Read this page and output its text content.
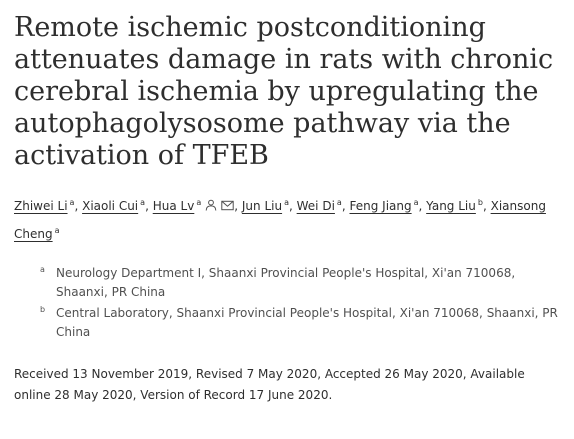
Remote ischemic postconditioning attenuates damage in rats with chronic cerebral ischemia by upregulating the autophagolysosome pathway via the activation of TFEB
Zhiwei Li $^a$, Xiaoli Cui $^a$, Hua Lv $^a$	, Jun Liu $^a$, Wei Di $^a$, Feng Jiang $^a$, Yang Liu $^b$, Xiansong Cheng $^a$
a Neurology Department I, Shaanxi Provincial People's Hospital, Xi'an 710068, Shaanxi, PR China
b Central Laboratory, Shaanxi Provincial People's Hospital, Xi'an 710068, Shaanxi, PR China
Received 13 November 2019, Revised 7 May 2020, Accepted 26 May 2020, Available online 28 May 2020, Version of Record 17 June 2020.
